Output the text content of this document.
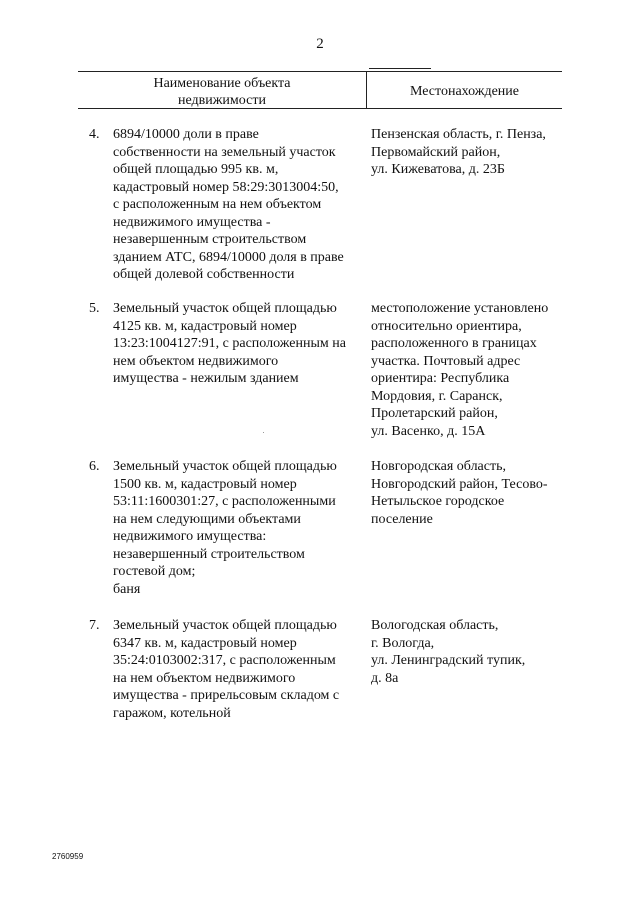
2
Наименование объекта
недвижимости
Местонахождение
4. 6894/10000 доли в праве
собственности на земельный участок
общей площадью 995 кв. м,
кадастровый номер 58:29:3013004:50,
с расположенным на нем объектом
недвижимого имущества -
незавершенным строительством
зданием АТС, 6894/10000 доля в праве
общей долевой собственности
Пензенская область, г. Пенза,
Первомайский район,
ул. Кижеватова, д. 23Б
5. Земельный участок общей площадью
4125 кв. м, кадастровый номер
13:23:1004127:91, с расположенным на
нем объектом недвижимого
имущества - нежилым зданием
местоположение установлено
относительно ориентира,
расположенного в границах
участка. Почтовый адрес
ориентира: Республика
Мордовия, г. Саранск,
Пролетарский район,
ул. Васенко, д. 15А
6. Земельный участок общей площадью
1500 кв. м, кадастровый номер
53:11:1600301:27, с расположенными
на нем следующими объектами
недвижимого имущества:
незавершенный строительством
гостевой дом;
баня
Новгородская область,
Новгородский район, Тесово-
Нетыльское городское
поселение
7. Земельный участок общей площадью
6347 кв. м, кадастровый номер
35:24:0103002:317, с расположенным
на нем объектом недвижимого
имущества - прирельсовым складом с
гаражом, котельной
Вологодская область,
г. Вологда,
ул. Ленинградский тупик,
д. 8а
2760959
